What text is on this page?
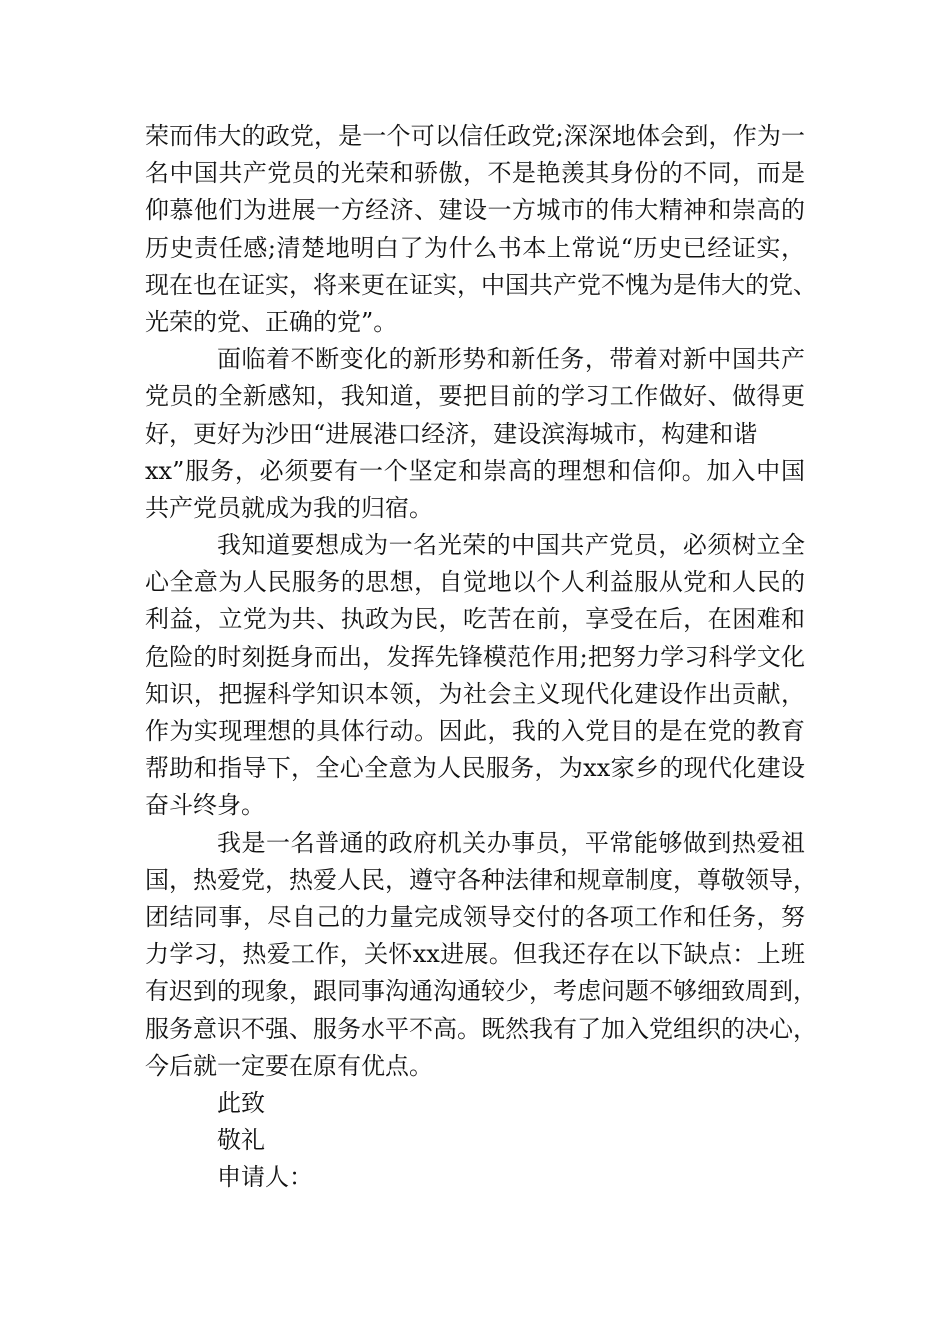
荣而伟大的政党，是一个可以信任政党;深深地体会到，作为一
名中国共产党员的光荣和骄傲，不是艳羡其身份的不同，而是
仰慕他们为进展一方经济、建设一方城市的伟大精神和崇高的
历史责任感;清楚地明白了为什么书本上常说“历史已经证实，
现在也在证实，将来更在证实，中国共产党不愧为是伟大的党、
光荣的党、正确的党”。
面临着不断变化的新形势和新任务，带着对新中国共产
党员的全新感知，我知道，要把目前的学习工作做好、做得更
好，更好为沙田“进展港口经济，建设滨海城市，构建和谐
xx”服务，必须要有一个坚定和崇高的理想和信仰。加入中国
共产党员就成为我的归宿。
我知道要想成为一名光荣的中国共产党员，必须树立全
心全意为人民服务的思想，自觉地以个人利益服从党和人民的
利益，立党为共、执政为民，吃苦在前，享受在后，在困难和
危险的时刻挺身而出，发挥先锋模范作用;把努力学习科学文化
知识，把握科学知识本领，为社会主义现代化建设作出贡献，
作为实现理想的具体行动。因此，我的入党目的是在党的教育
帮助和指导下，全心全意为人民服务，为xx家乡的现代化建设
奋斗终身。
我是一名普通的政府机关办事员，平常能够做到热爱祖
国，热爱党，热爱人民，遵守各种法律和规章制度，尊敬领导，
团结同事，尽自己的力量完成领导交付的各项工作和任务，努
力学习，热爱工作，关怀xx进展。但我还存在以下缺点：上班
有迟到的现象，跟同事沟通沟通较少，考虑问题不够细致周到，
服务意识不强、服务水平不高。既然我有了加入党组织的决心，
今后就一定要在原有优点。
此致
敬礼
申请人：
